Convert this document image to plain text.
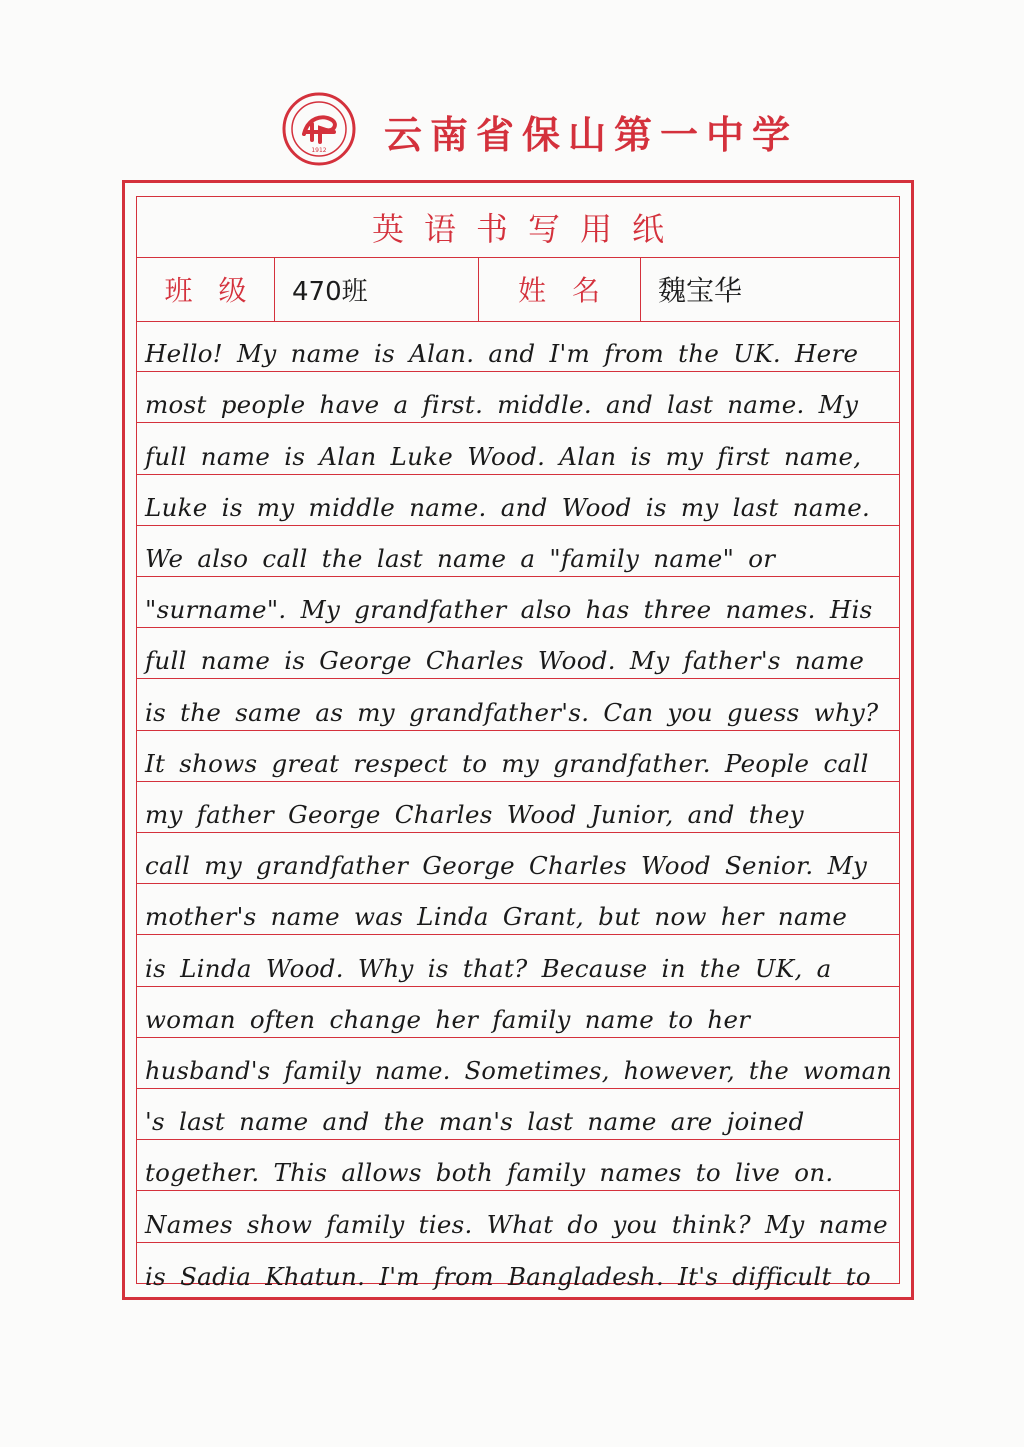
1912 云南省保山第一中学
英语书写用纸
班级 470班	姓名	魏宝华
Hello! My name is Alan. and I'm from the UK. Here
most people have a first. middle. and last name. My
full name is Alan Luke Wood. Alan is my first name,
Luke is my middle name. and Wood is my last name.
We also call the last name a "family name" or
"surname". My grandfather also has three names. His
full name is George Charles Wood. My father's name
is the same as my grandfather's. Can you guess why?
It shows great respect to my grandfather. People call
my father George Charles Wood Junior, and they
call my grandfather George Charles Wood Senior. My
mother's name was Linda Grant, but now her name
is Linda Wood. Why is that? Because in the UK, a
woman often change her family name to her
husband's family name. Sometimes, however, the woman
's last name and the man's last name are joined
together. This allows both family names to live on.
Names show family ties. What do you think? My name
is Sadia Khatun. I'm from Bangladesh. It's difficult to
